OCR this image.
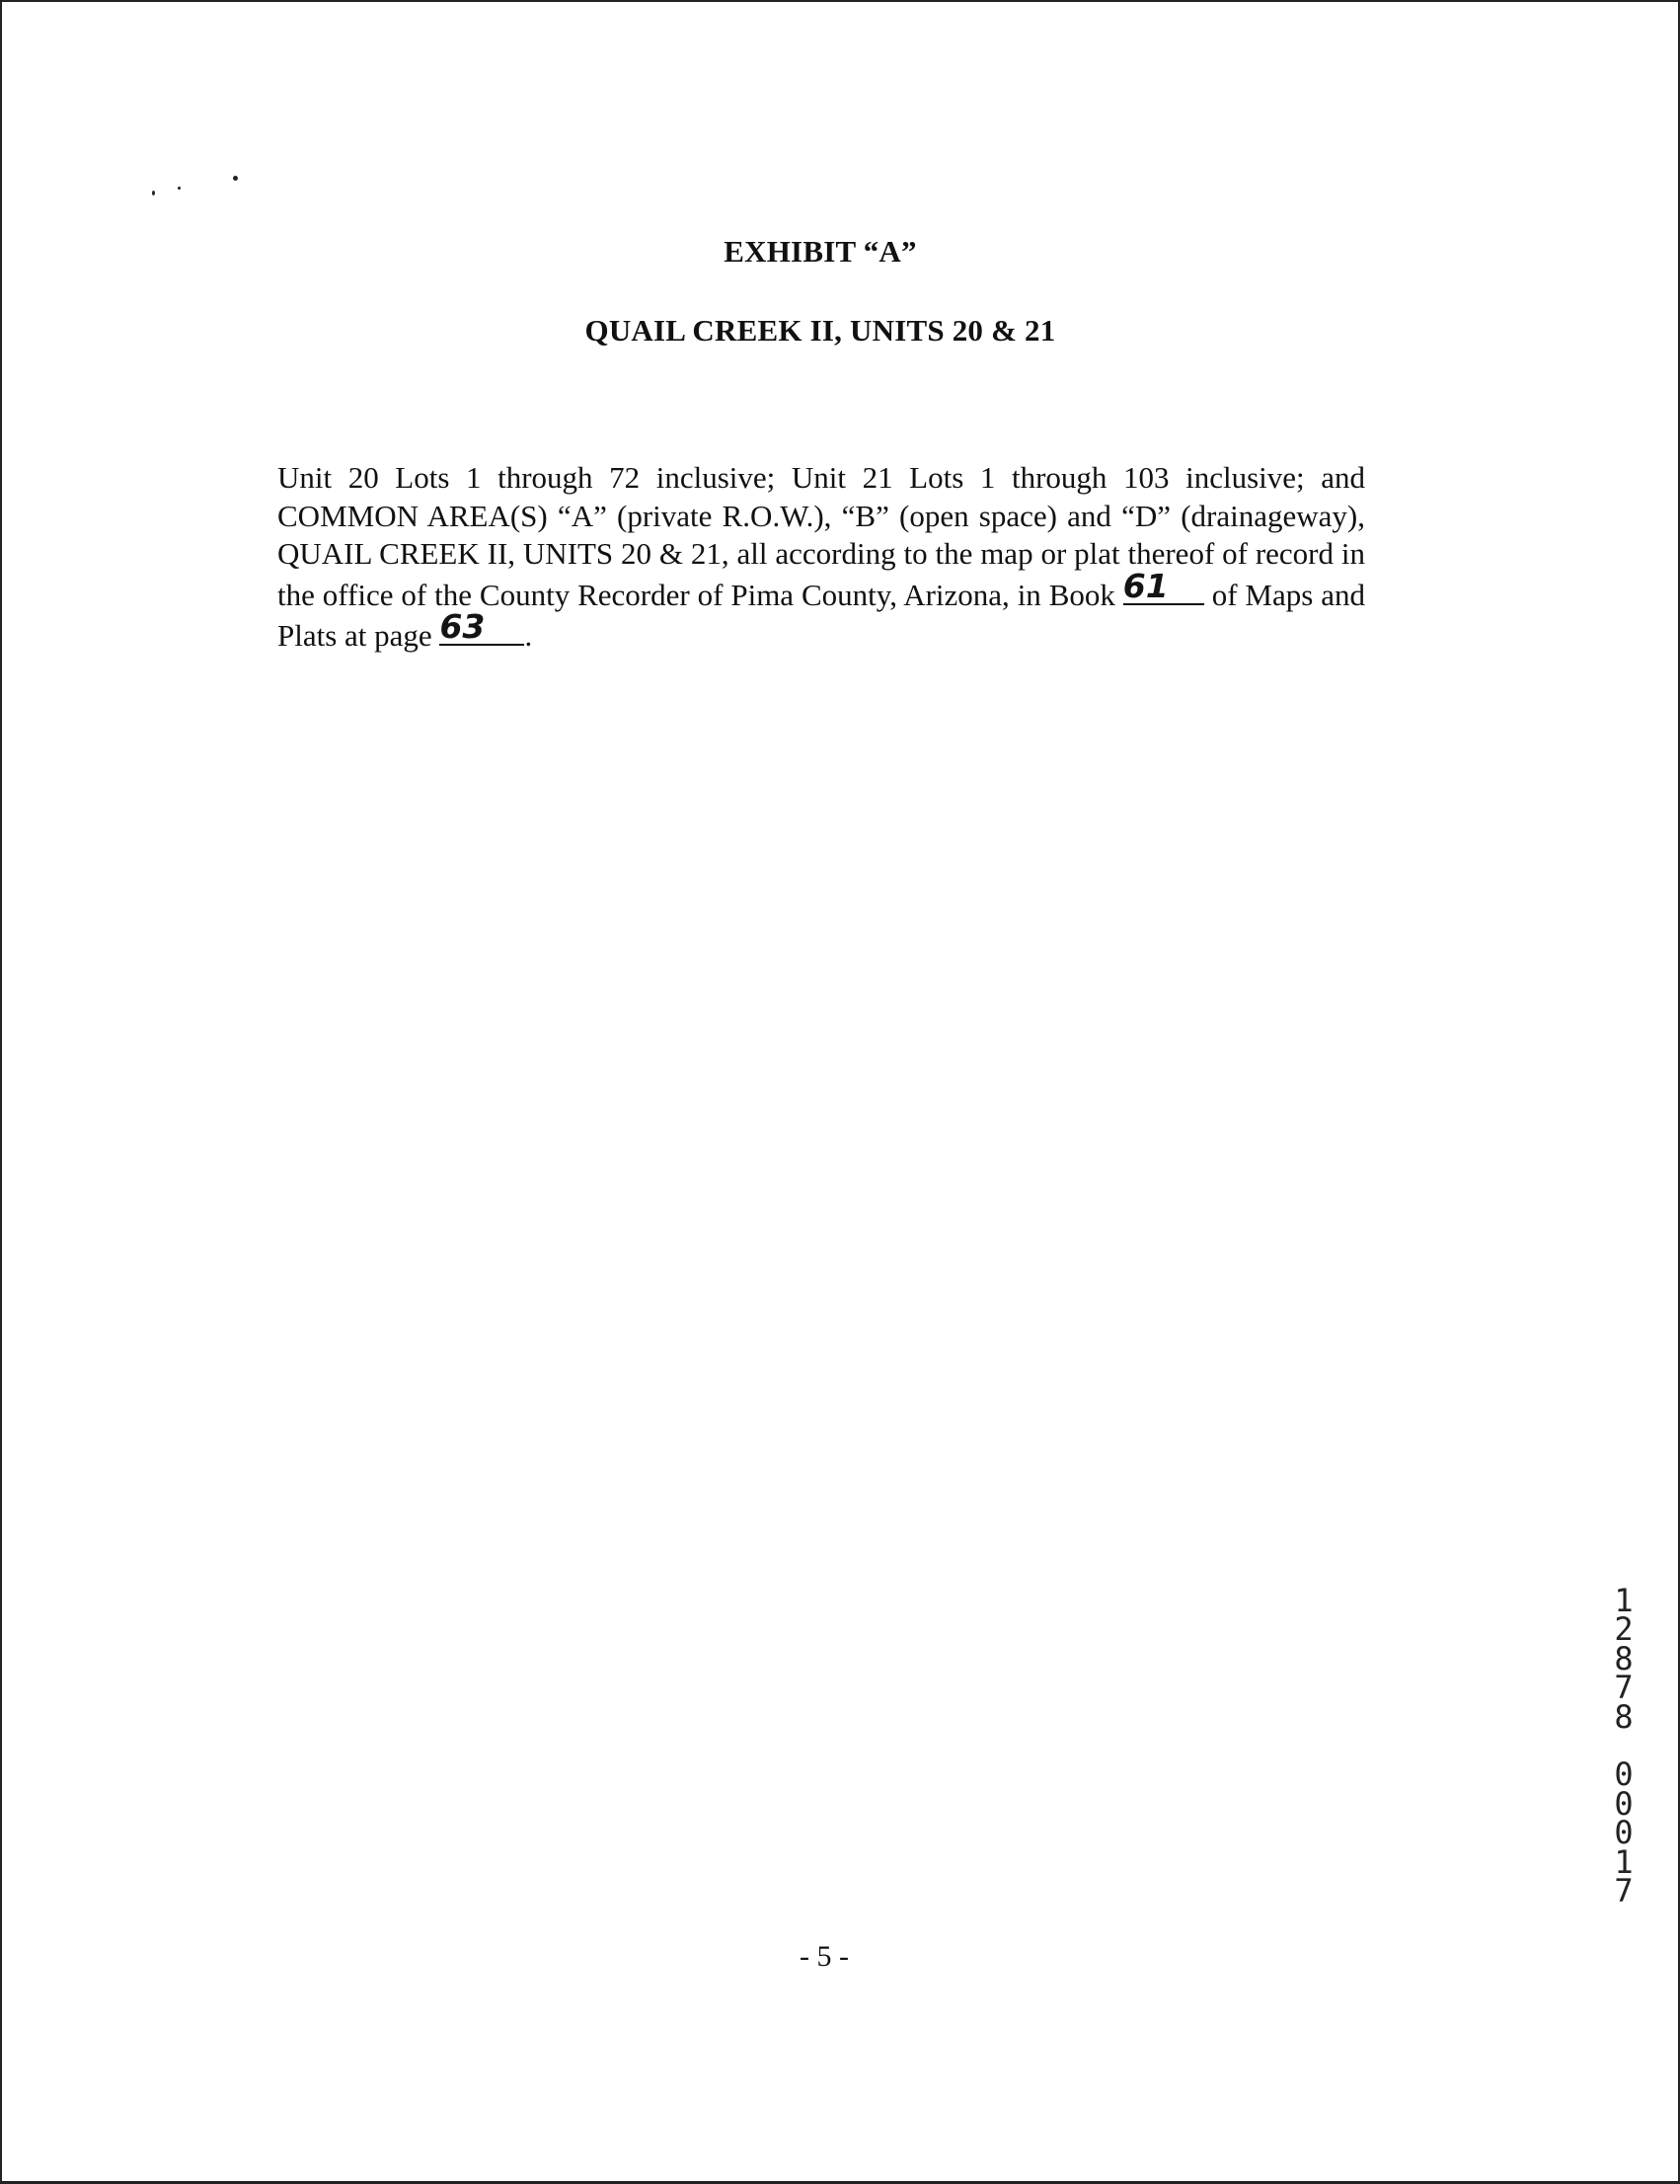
EXHIBIT “A”
QUAIL CREEK II, UNITS 20 & 21
Unit 20 Lots 1 through 72 inclusive; Unit 21 Lots 1 through 103 inclusive; and COMMON AREA(S) “A” (private R.O.W.), “B” (open space) and “D” (drainageway), QUAIL CREEK II, UNITS 20 & 21, all according to the map or plat thereof of record in the office of the County Recorder of Pima County, Arizona, in Book 61	of Maps and Plats at page 63	.
1
2
8
7
8

0
0
0
1
7
- 5 -
